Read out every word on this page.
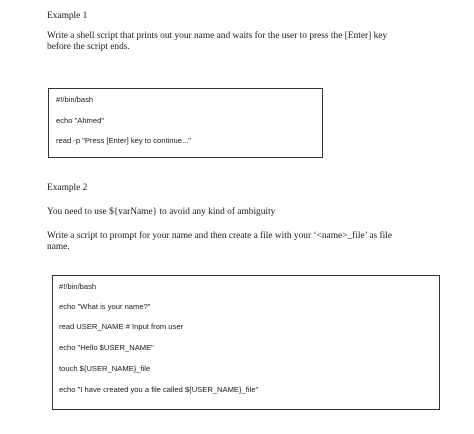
Example 1
Write a shell script that prints out your name and waits for the user to press the [Enter] key
before the script ends.
#!/bin/bash
echo "Ahmed"
read -p "Press [Enter] key to continue..."
Example 2
You need to use ${varName} to avoid any kind of ambiguity
Write a script to prompt for your name and then create a file with your ‘<name>_file’ as file
name.
#!/bin/bash
echo "What is your name?"
read USER_NAME # Input from user
echo "Hello $USER_NAME"
touch ${USER_NAME}_file
echo "I have created you a file called ${USER_NAME}_file"
